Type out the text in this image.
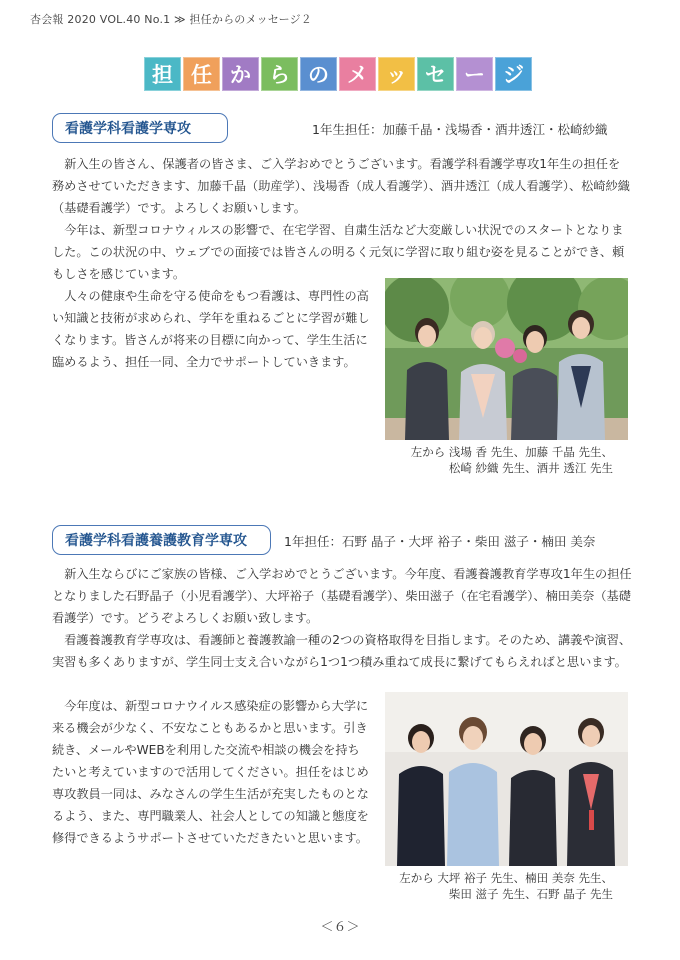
杏会報 2020 VOL.40 No.1 ≫ 担任からのメッセージ２
担 任 か ら の メ ッ セ ー ジ
看護学科看護学専攻	1年生担任：加藤千晶・浅場香・酒井透江・松崎紗織

新入生の皆さん、保護者の皆さま、ご入学おめでとうございます。看護学科看護学専攻1年生の担任を務めさせていただきます、加藤千晶（助産学）、浅場香（成人看護学）、酒井透江（成人看護学）、松崎紗織（基礎看護学）です。よろしくお願いします。

今年は、新型コロナウィルスの影響で、在宅学習、自粛生活など大変厳しい状況でのスタートとなりました。この状況の中、ウェブでの面接では皆さんの明るく元気に学習に取り組む姿を見ることができ、頼もしさを感じています。

人々の健康や生命を守る使命をもつ看護は、専門性の高い知識と技術が求められ、学年を重ねるごとに学習が難しくなります。皆さんが将来の目標に向かって、学生生活に臨めるよう、担任一同、全力でサポートしていきます。

左から 浅場 香 先生、加藤 千晶 先生、
松崎 紗織 先生、酒井 透江 先生
看護学科看護養護教育学専攻	1年担任：石野 晶子・大坪 裕子・柴田 滋子・楠田 美奈

新入生ならびにご家族の皆様、ご入学おめでとうございます。今年度、看護養護教育学専攻1年生の担任となりました石野晶子（小児看護学）、大坪裕子（基礎看護学）、柴田滋子（在宅看護学）、楠田美奈（基礎看護学）です。どうぞよろしくお願い致します。

看護養護教育学専攻は、看護師と養護教諭一種の2つの資格取得を目指します。そのため、講義や演習、実習も多くありますが、学生同士支え合いながら1つ1つ積み重ねて成長に繋げてもらえればと思います。

今年度は、新型コロナウイルス感染症の影響から大学に来る機会が少なく、不安なこともあるかと思います。引き続き、メールやWEBを利用した交流や相談の機会を持ちたいと考えていますので活用してください。担任をはじめ専攻教員一同は、みなさんの学生生活が充実したものとなるよう、また、専門職業人、社会人としての知識と態度を修得できるようサポートさせていただきたいと思います。

左から 大坪 裕子 先生、楠田 美奈 先生、
柴田 滋子 先生、石野 晶子 先生
＜６＞
